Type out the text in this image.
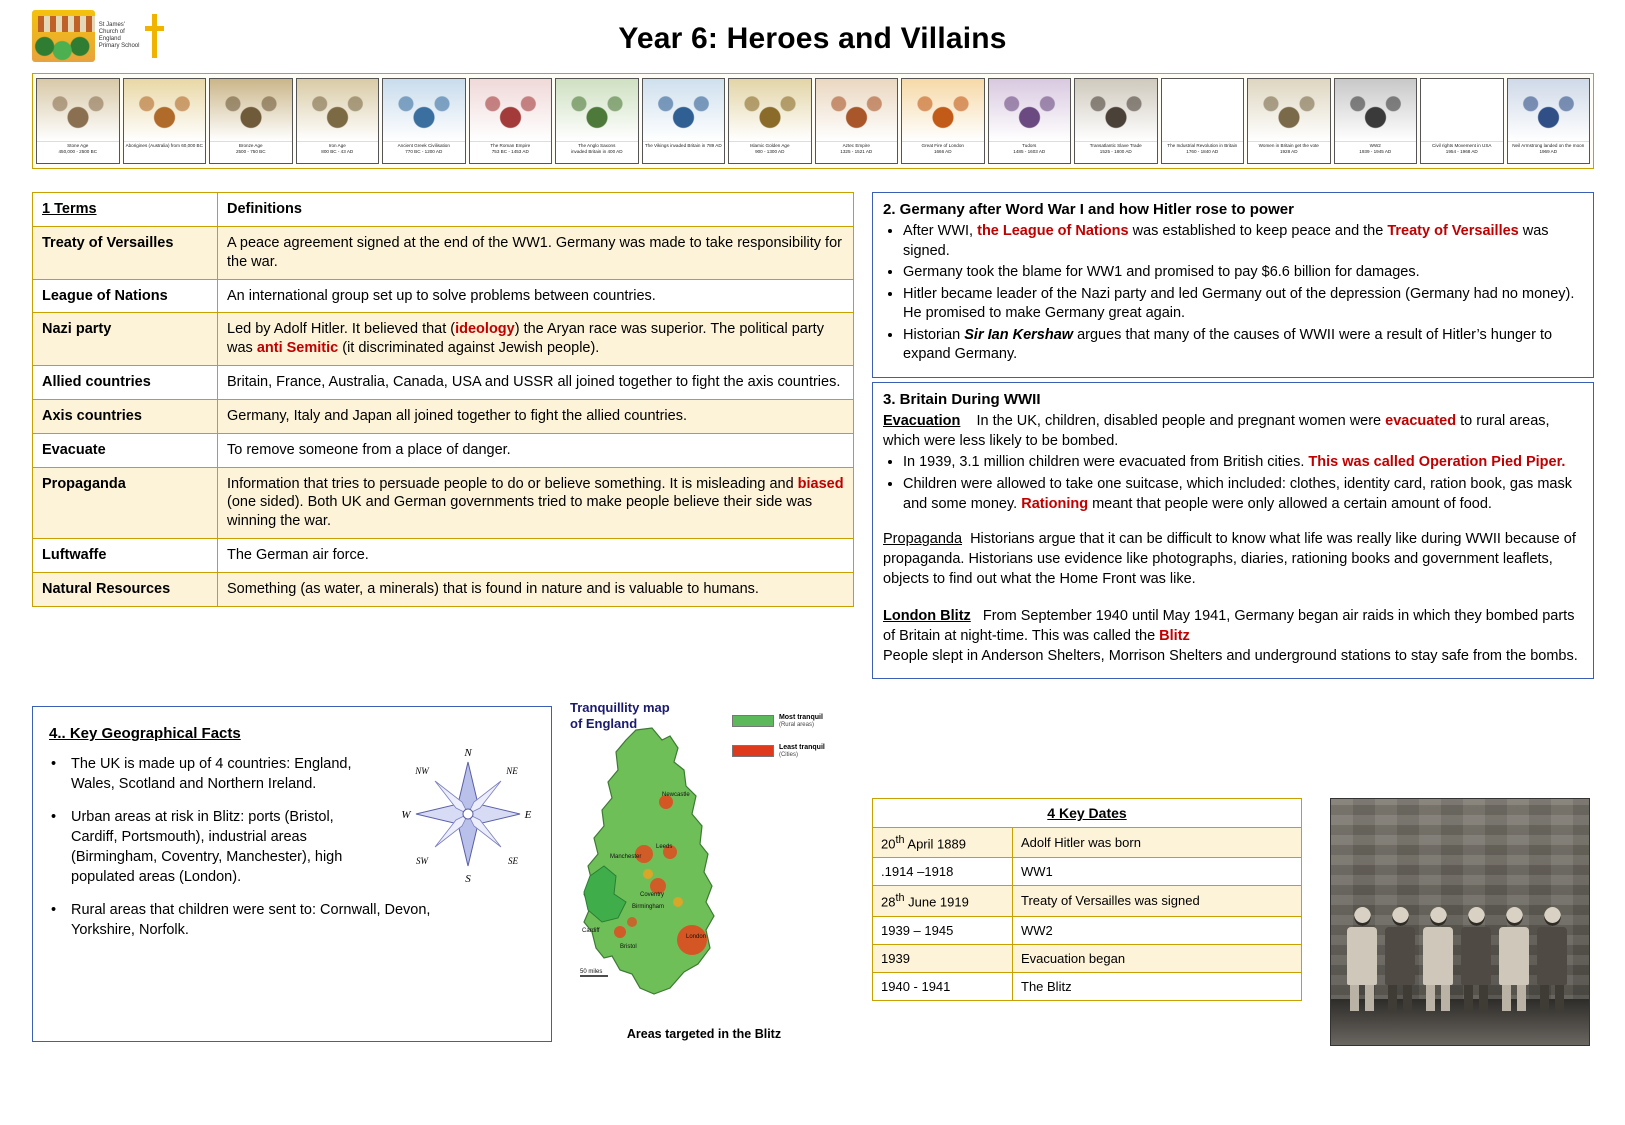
St James' Church of England Primary School	Year 6: Heroes and Villains
Stone Age
450,000 - 2500 BC
Aborigines (Australia) from 60,000 BC	Bronze Age
2500 - 750 BC
Iron Age
800 BC - 43 AD
Ancient Greek Civilisation
770 BC - 1200 AD
The Roman Empire
753 BC - 1453 AD
The Anglo Saxons
invaded Britain in 400 AD
The Vikings invaded Britain in 789 AD	Islamic Golden Age
900 - 1300 AD
Aztec Empire
1325 - 1521 AD
Great Fire of London
1666 AD
Tudors
1485 - 1603 AD
Transatlantic Slave Trade
1525 - 1800 AD
The Industrial Revolution in Britain
1760 - 1840 AD
Women in Britain get the vote
1928 AD
WW2
1939 - 1945 AD
Civil rights Movement in USA
1954 - 1968 AD
Neil Armstrong landed on the moon
1969 AD
1 Terms	Definitions
Treaty of Versailles	A peace agreement signed at the end of the WW1. Germany was made to take responsibility for the war.
League of Nations	An international group set up to solve problems between countries.
Nazi party	Led by Adolf Hitler. It believed that (ideology) the Aryan race was superior. The political party was anti Semitic (it discriminated against Jewish people).
Allied countries	Britain, France, Australia, Canada, USA and USSR all joined together to fight the axis countries.
Axis countries	Germany, Italy and Japan all joined together to fight the allied countries.
Evacuate	To remove someone from a place of danger.
Propaganda	Information that tries to persuade people to do or believe something. It is misleading and biased (one sided). Both UK and German governments tried to make people believe their side was winning the war.
Luftwaffe	The German air force.
Natural Resources	Something (as water, a minerals) that is found in nature and is valuable to humans.
2. Germany after Word War I and how Hitler rose to power
• After WWI, the League of Nations was established to keep peace and the Treaty of Versailles was signed.
• Germany took the blame for WW1 and promised to pay $6.6 billion for damages.
• Hitler became leader of the Nazi party and led Germany out of the depression (Germany had no money). He promised to make Germany great again.
• Historian Sir Ian Kershaw argues that many of the causes of WWII were a result of Hitler’s hunger to expand Germany.
3. Britain During WWII
Evacuation    In the UK, children, disabled people and pregnant women were evacuated to rural areas, which were less likely to be bombed.
• In 1939, 3.1 million children were evacuated from British cities. This was called Operation Pied Piper.
• Children were allowed to take one suitcase, which included: clothes, identity card, ration book, gas mask and some money. Rationing meant that people were only allowed a certain amount of food.
Propaganda Historians argue that it can be difficult to know what life was really like during WWII because of propaganda. Historians use evidence like photographs, diaries, rationing books and government leaflets, objects to find out what the Home Front was like.
London Blitz   From September 1940 until May 1941, Germany began air raids in which they bombed parts of Britain at night-time. This was called the Blitz
People slept in Anderson Shelters, Morrison Shelters and underground stations to stay safe from the bombs.
4.. Key Geographical Facts
• The UK is made up of 4 countries: England, Wales, Scotland and Northern Ireland.
• Urban areas at risk in Blitz: ports (Bristol, Cardiff, Portsmouth), industrial areas (Birmingham, Coventry, Manchester), high populated areas (London).
• Rural areas that children were sent to: Cornwall, Devon, Yorkshire, Norfolk.
N
S
E
W
NE
NW
SE
SW
Tranquillity map
of England	Most tranquil
(Rural areas)
Least tranquil
(Cities)
Newcastle
Leeds
Manchester
Coventry
Birmingham
Bristol
Cardiff
London
50 miles
Areas targeted in the Blitz
4 Key Dates	
20th April 1889	Adolf Hitler was born
.1914 –1918	WW1
28th June 1919	Treaty of Versailles was signed
1939 – 1945	WW2
1939	Evacuation began
1940 - 1941	The Blitz
